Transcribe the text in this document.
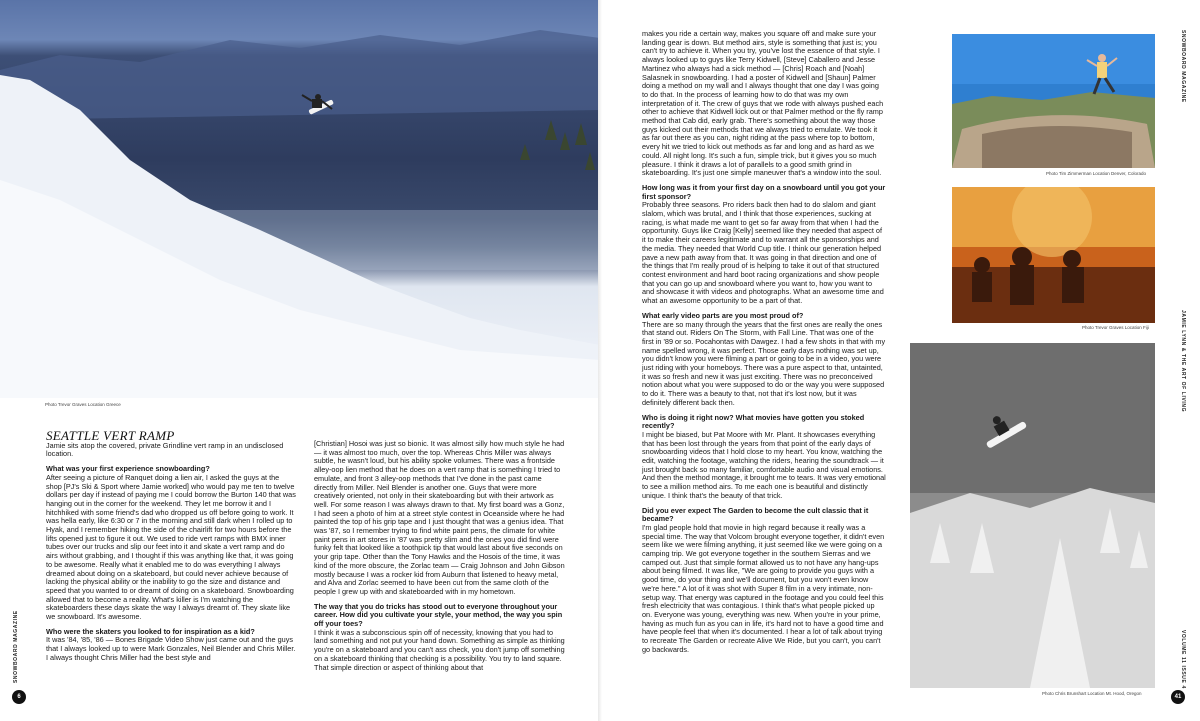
Photo Trevor Graves Location Greece
SEATTLE VERT RAMP

Jamie sits atop the covered, private Grindline vert ramp in an undisclosed location.

What was your first experience snowboarding?

After seeing a picture of Ranquet doing a lien air, I asked the guys at the shop [PJ's Ski & Sport where Jamie worked] who would pay me ten to twelve dollars per day if instead of paying me I could borrow the Burton 140 that was hanging out in the corner for the weekend. They let me borrow it and I hitchhiked with some friend's dad who dropped us off before going to work. It was hella early, like 6:30 or 7 in the morning and still dark when I rolled up to Hyak, and I remember hiking the side of the chairlift for two hours before the lifts opened just to figure it out. We used to ride vert ramps with BMX inner tubes over our trucks and slip our feet into it and skate a vert ramp and do airs without grabbing, and I thought if this was anything like that, it was going to be awesome. Really what it enabled me to do was everything I always dreamed about doing on a skateboard, but could never achieve because of lacking the physical ability or the inability to go the size and distance and speed that you wanted to or dreamt of doing on a skateboard. Snowboarding allowed that to become a reality. What's killer is I'm watching the skateboarders these days skate the way I always dreamt of. They skate like we snowboard. It's awesome.

Who were the skaters you looked to for inspiration as a kid?

It was '84, '85, '86 — Bones Brigade Video Show just came out and the guys that I always looked up to were Mark Gonzales, Neil Blender and Chris Miller. I always thought Chris Miller had the best style and

[Christian] Hosoi was just so bionic. It was almost silly how much style he had — it was almost too much, over the top. Whereas Chris Miller was always subtle, he wasn't loud, but his ability spoke volumes. There was a frontside alley-oop lien method that he does on a vert ramp that is something I tried to emulate, and front 3 alley-oop methods that I've done in the past came directly from Miller. Neil Blender is another one. Guys that were more creatively oriented, not only in their skateboarding but with their artwork as well. For some reason I was always drawn to that. My first board was a Gonz, I had seen a photo of him at a street style contest in Oceanside where he had painted the top of his grip tape and I just thought that was a genius idea. That was '87, so I remember trying to find white paint pens, the climate for white paint pens in art stores in '87 was pretty slim and the ones you did find were funky felt that looked like a toothpick tip that would last about five seconds on your grip tape. Other than the Tony Hawks and the Hosois of the time, it was kind of the more obscure, the Zorlac team — Craig Johnson and John Gibson mostly because I was a rocker kid from Auburn that listened to heavy metal, and Alva and Zorlac seemed to have been cut from the same cloth of the people I grew up with and skateboarded with in my hometown.

The way that you do tricks has stood out to everyone throughout your career. How did you cultivate your style, your method, the way you spin off your toes?

I think it was a subconscious spin off of necessity, knowing that you had to land something and not put your hand down. Something as simple as thinking you're on a skateboard and you can't ass check, you don't jump off something on a skateboard thinking that checking is a possibility. You try to land square. That simple direction or aspect of thinking about that

6
SNOWBOARD MAGAZINE

makes you ride a certain way, makes you square off and make sure your landing gear is down. But method airs, style is something that just is; you can't try to achieve it. When you try, you've lost the essence of that style. I always looked up to guys like Terry Kidwell, [Steve] Caballero and Jesse Martinez who always had a sick method — [Chris] Roach and [Noah] Salasnek in snowboarding. I had a poster of Kidwell and [Shaun] Palmer doing a method on my wall and I always thought that one day I was going to do that. In the process of learning how to do that was my own interpretation of it. The crew of guys that we rode with always pushed each other to achieve that Kidwell kick out or that Palmer method or the fly ramp method that Cab did, early grab. There's something about the way those guys kicked out their methods that we always tried to emulate. We took it as far out there as you can, night riding at the pass where top to bottom, every hit we tried to kick out methods as far and long and as hard as we could. All night long. It's such a fun, simple trick, but it gives you so much pleasure. I think it draws a lot of parallels to a good smith grind in skateboarding. It's just one simple maneuver that's a window into the soul.

How long was it from your first day on a snowboard until you got your first sponsor?

Probably three seasons. Pro riders back then had to do slalom and giant slalom, which was brutal, and I think that those experiences, sucking at racing, is what made me want to get so far away from that when I had the opportunity. Guys like Craig [Kelly] seemed like they needed that aspect of it to make their careers legitimate and to warrant all the sponsorships and the media. They needed that World Cup title. I think our generation helped pave a new path away from that. It was going in that direction and one of the things that I'm really proud of is helping to take it out of that structured contest environment and hard boot racing organizations and show people that you can go up and snowboard where you want to, how you want to and showcase it with videos and photographs. What an awesome time and what an awesome opportunity to be a part of that.

What early video parts are you most proud of?

There are so many through the years that the first ones are really the ones that stand out. Riders On The Storm, with Fall Line. That was one of the first in '89 or so. Pocahontas with Dawgez. I had a few shots in that with my name spelled wrong, it was perfect. Those early days nothing was set up, you didn't know you were filming a part or going to be in a video, you were just riding with your homeboys. There was a pure aspect to that, untainted, it was so fresh and new it was just exciting. There was no preconceived notion about what you were supposed to do or the way you were supposed to do it. There was a beauty to that, not that it's lost now, but it was definitely different back then.

Who is doing it right now? What movies have gotten you stoked recently?

I might be biased, but Pat Moore with Mr. Plant. It showcases everything that has been lost through the years from that point of the early days of snowboarding videos that I hold close to my heart. You know, watching the edit, watching the footage, watching the riders, hearing the soundtrack — it just brought back so many familiar, comfortable audio and visual emotions. And then the method montage, it brought me to tears. It was very emotional to see a million method airs. To me each one is beautiful and distinctly unique. I think that's the beauty of that trick.

Did you ever expect The Garden to become the cult classic that it became?

I'm glad people hold that movie in high regard because it really was a special time. The way that Volcom brought everyone together, it didn't even seem like we were filming anything, it just seemed like we were going on a camping trip. We got everyone together in the southern Sierras and we camped out. Just that simple format allowed us to not have any hang-ups about being filmed. It was like, "We are going to provide you guys with a good time, do your thing and we'll document, but you won't even know we're here." A lot of it was shot with Super 8 film in a very intimate, non-setup way. That energy was captured in the footage and you could feel this fresh electricity that was contagious. I think that's what people picked up on. Everyone was young, everything was new. When you're in your prime, having as much fun as you can in life, it's hard not to have a good time and have people feel that when it's documented. I hear a lot of talk about trying to recreate The Garden or recreate Alive We Ride, but you can't, you can't go backwards.

Photo Tim Zimmerman Location Denver, Colorado
Photo Trevor Graves Location Fiji
Photo Chris Brunshart Location Mt. Hood, Oregon
41
SNOWBOARD MAGAZINE
JAMIE LYNN & THE ART OF LIVING
VOLUME 11 ISSUE 4
